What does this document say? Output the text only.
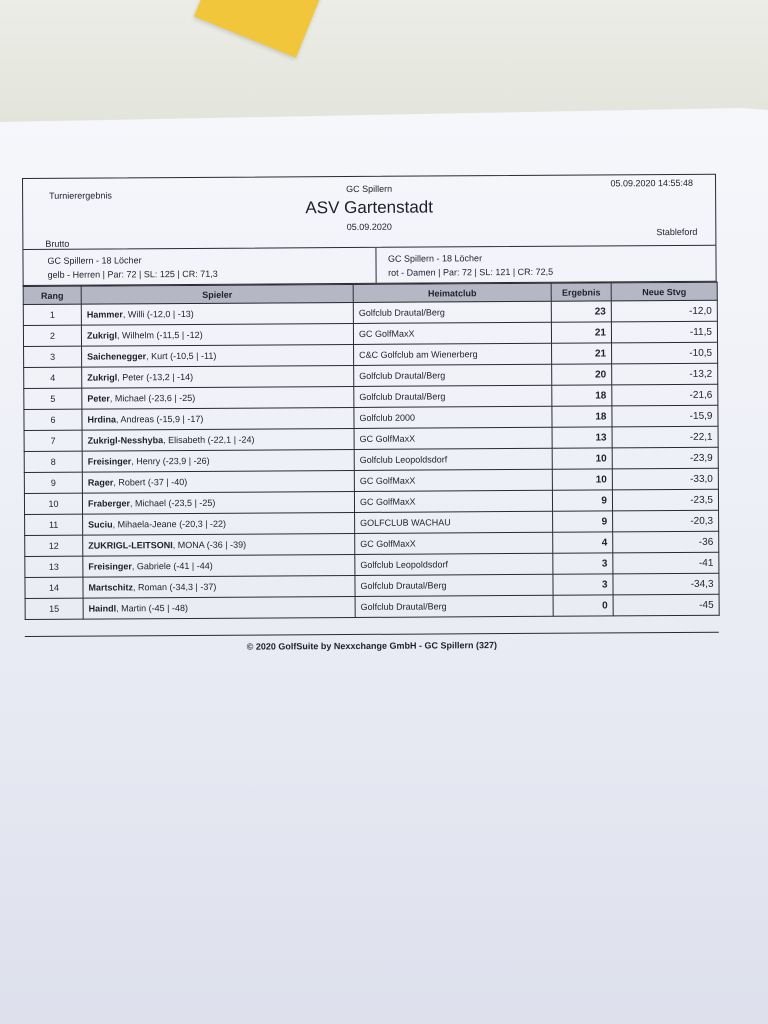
Turnierergebnis
GC Spillern
05.09.2020 14:55:48
ASV Gartenstadt
05.09.2020
Brutto
Stableford
GC Spillern - 18 Löcher
gelb - Herren | Par: 72 | SL: 125 | CR: 71,3
GC Spillern - 18 Löcher
rot - Damen | Par: 72 | SL: 121 | CR: 72,5
Rang	Spieler	Heimatclub	Ergebnis	Neue Stvg
1	Hammer, Willi (-12,0 | -13)	Golfclub Drautal/Berg	23	-12,0
2	Zukrigl, Wilhelm (-11,5 | -12)	GC GolfMaxX	21	-11,5
3	Saichenegger, Kurt (-10,5 | -11)	C&C Golfclub am Wienerberg	21	-10,5
4	Zukrigl, Peter (-13,2 | -14)	Golfclub Drautal/Berg	20	-13,2
5	Peter, Michael (-23,6 | -25)	Golfclub Drautal/Berg	18	-21,6
6	Hrdina, Andreas (-15,9 | -17)	Golfclub 2000	18	-15,9
7	Zukrigl-Nesshyba, Elisabeth (-22,1 | -24)	GC GolfMaxX	13	-22,1
8	Freisinger, Henry (-23,9 | -26)	Golfclub Leopoldsdorf	10	-23,9
9	Rager, Robert (-37 | -40)	GC GolfMaxX	10	-33,0
10	Fraberger, Michael (-23,5 | -25)	GC GolfMaxX	9	-23,5
11	Suciu, Mihaela-Jeane (-20,3 | -22)	GOLFCLUB WACHAU	9	-20,3
12	ZUKRIGL-LEITSONI, MONA (-36 | -39)	GC GolfMaxX	4	-36
13	Freisinger, Gabriele (-41 | -44)	Golfclub Leopoldsdorf	3	-41
14	Martschitz, Roman (-34,3 | -37)	Golfclub Drautal/Berg	3	-34,3
15	Haindl, Martin (-45 | -48)	Golfclub Drautal/Berg	0	-45
© 2020 GolfSuite by Nexxchange GmbH - GC Spillern (327)
